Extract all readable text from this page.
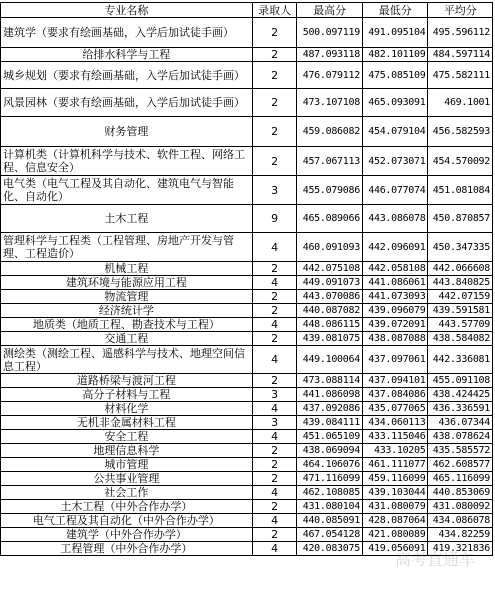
专业名称	录取人	最高分	最低分	平均分
建筑学（要求有绘画基础，入学后加试徒手画）	2	500.097119	491.095104	495.596112
给排水科学与工程	2	487.093118	482.101109	484.597114
城乡规划（要求有绘画基础，入学后加试徒手画）	2	476.079112	475.085109	475.582111
风景园林（要求有绘画基础，入学后加试徒手画）	2	473.107108	465.093091	469.1001
财务管理	2	459.086082	454.079104	456.582593
计算机类（计算机科学与技术、软件工程、网络工程、信息安全）	2	457.067113	452.073071	454.570092
电气类（电气工程及其自动化、建筑电气与智能化、自动化）	3	455.079086	446.077074	451.081084
土木工程	9	465.089066	443.086078	450.870857
管理科学与工程类（工程管理、房地产开发与管理、工程造价）	4	460.091093	442.096091	450.347335
机械工程	2	442.075108	442.058108	442.066608
建筑环境与能源应用工程	4	449.091073	441.086061	443.840825
物流管理	2	443.070086	441.073093	442.07159
经济统计学	2	440.087082	439.096079	439.591581
地质类（地质工程、勘查技术与工程）	4	448.086115	439.072091	443.57709
交通工程	2	439.081075	438.087088	438.584082
测绘类（测绘工程、遥感科学与技术、地理空间信息工程）	4	449.100064	437.097061	442.336081
道路桥梁与渡河工程	2	473.088114	437.094101	455.091108
高分子材料与工程	3	441.086098	437.084086	438.424425
材料化学	4	437.092086	435.077065	436.336591
无机非金属材料工程	3	439.084111	434.060113	436.07344
安全工程	4	451.065109	433.115046	438.078624
地理信息科学	2	438.069094	433.10205	435.585572
城市管理	2	464.106076	461.111077	462.608577
公共事业管理	2	471.116099	459.116099	465.116099
社会工作	4	462.108085	439.103044	440.853069
土木工程（中外合作办学）	2	431.080104	431.080079	431.080092
电气工程及其自动化（中外合作办学）	4	440.085091	428.087064	434.086078
建筑学（中外合作办学）	2	467.054128	421.080089	434.82259
工程管理（中外合作办学）	4	420.083075	419.056091	419.321836
高考直通车
